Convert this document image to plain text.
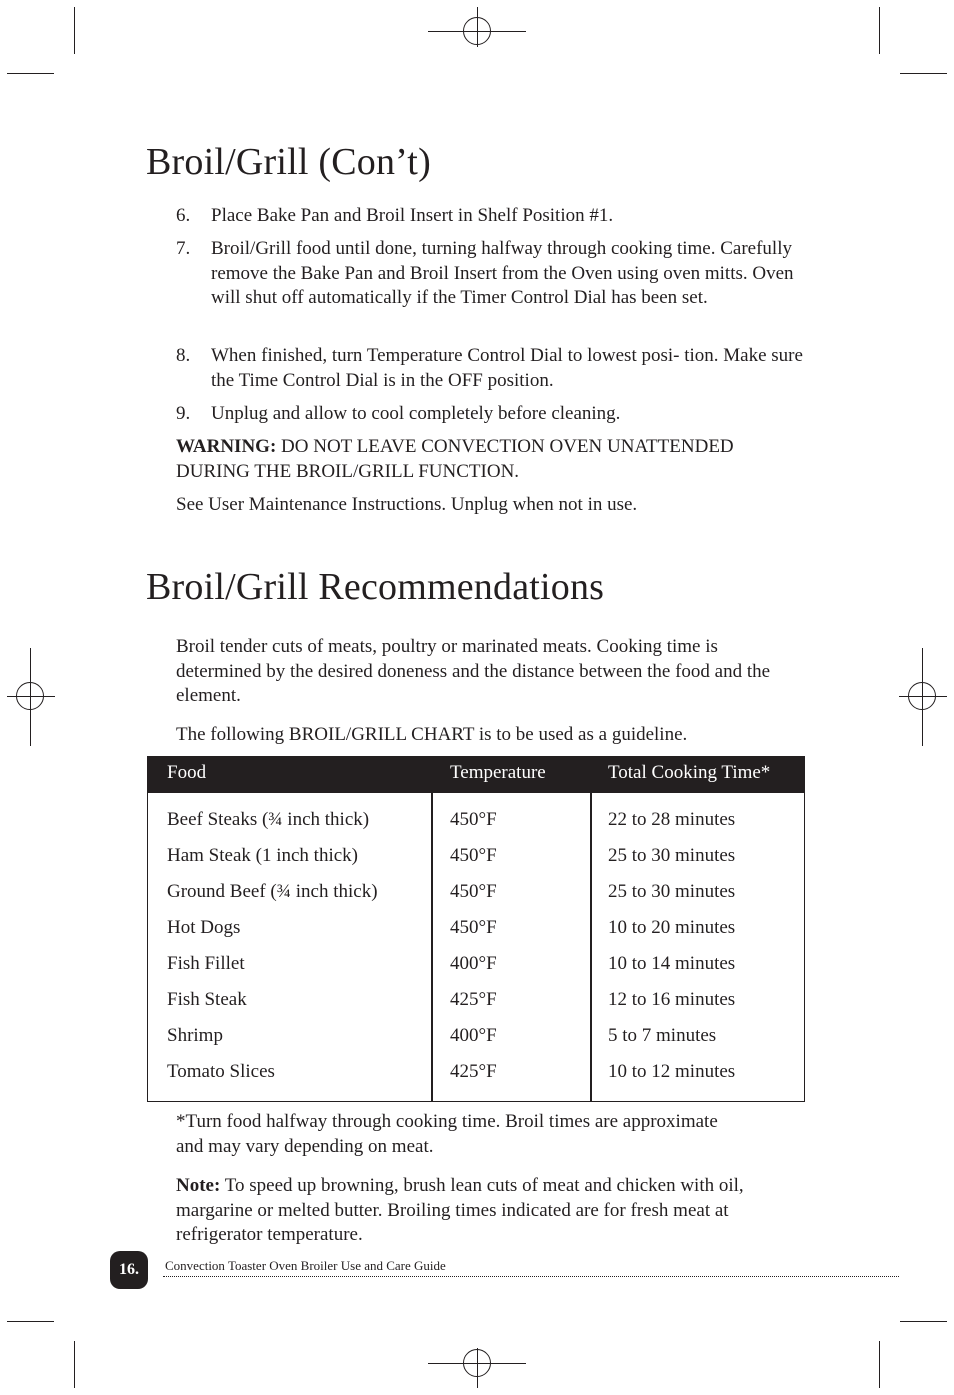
Broil/Grill (Con’t)
6. Place Bake Pan and Broil Insert in Shelf Position #1.
7. Broil/Grill food until done, turning halfway through cooking time. Carefully remove the Bake Pan and Broil Insert from the Oven using oven mitts. Oven will shut off automatically if the Timer Control Dial has been set.
8. When finished, turn Temperature Control Dial to lowest posi- tion. Make sure the Time Control Dial is in the OFF position.
9. Unplug and allow to cool completely before cleaning.

WARNING: DO NOT LEAVE CONVECTION OVEN UNATTENDED DURING THE BROIL/GRILL FUNCTION.

See User Maintenance Instructions. Unplug when not in use.

Broil/Grill Recommendations

Broil tender cuts of meats, poultry or marinated meats. Cooking time is determined by the desired doneness and the distance between the food and the element.

The following BROIL/GRILL CHART is to be used as a guideline.

Food	Temperature	Total Cooking Time*
Beef Steaks (¾ inch thick)	450°F	22 to 28 minutes
Ham Steak (1 inch thick)	450°F	25 to 30 minutes
Ground Beef (¾ inch thick)	450°F	25 to 30 minutes
Hot Dogs	450°F	10 to 20 minutes
Fish Fillet	400°F	10 to 14 minutes
Fish Steak	425°F	12 to 16 minutes
Shrimp	400°F	5 to 7 minutes
Tomato Slices	425°F	10 to 12 minutes

*Turn food halfway through cooking time. Broil times are approximate and may vary depending on meat.

Note: To speed up browning, brush lean cuts of meat and chicken with oil, margarine or melted butter. Broiling times indicated are for fresh meat at refrigerator temperature.

16.	Convection Toaster Oven Broiler Use and Care Guide
